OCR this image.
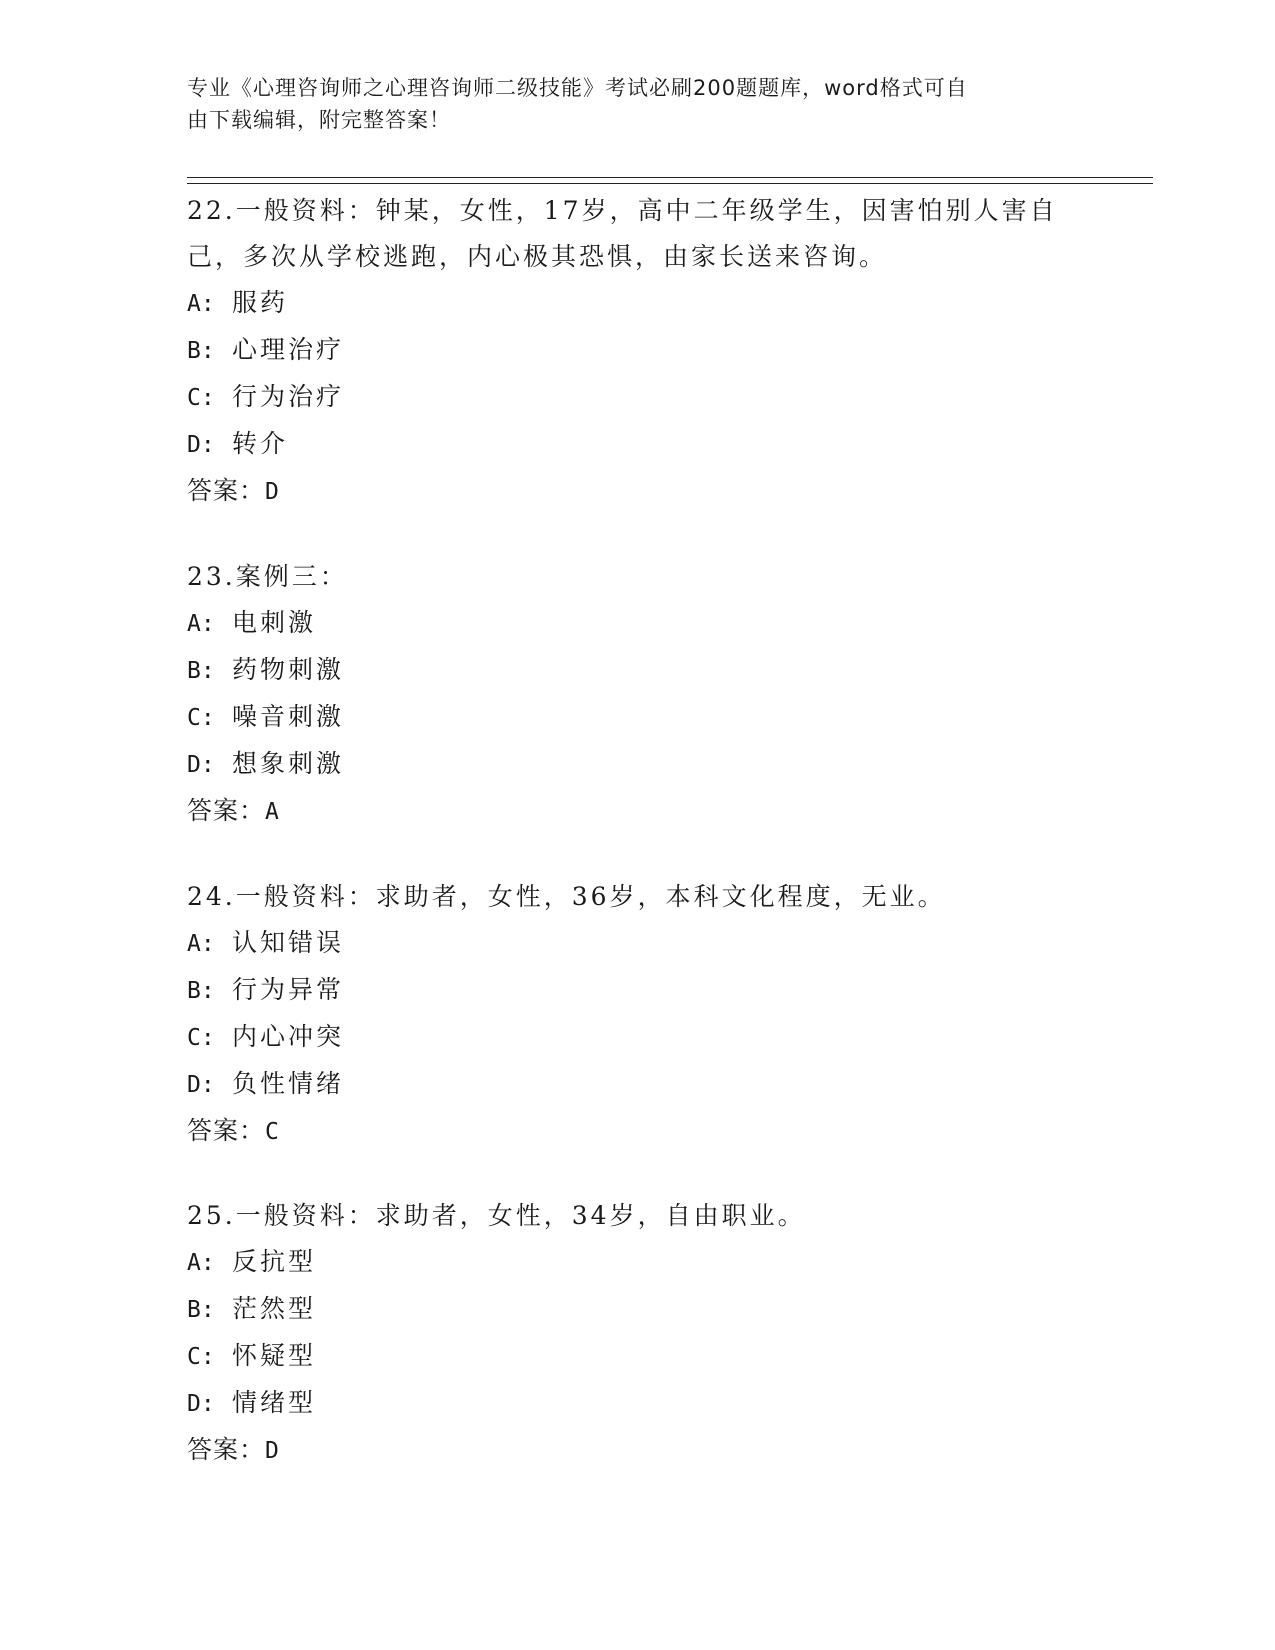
专业《心理咨询师之心理咨询师二级技能》考试必刷200题题库，word格式可自
由下载编辑，附完整答案！

22.一般资料：钟某，女性，17岁，高中二年级学生，因害怕别人害自己，多次从学校逃跑，内心极其恐惧，由家长送来咨询。

A: 服药

B: 心理治疗

C: 行为治疗

D: 转介

答案：D

23.案例三：

A: 电刺激

B: 药物刺激

C: 噪音刺激

D: 想象刺激

答案：A

24.一般资料：求助者，女性，36岁，本科文化程度，无业。

A: 认知错误

B: 行为异常

C: 内心冲突

D: 负性情绪

答案：C

25.一般资料：求助者，女性，34岁，自由职业。

A: 反抗型

B: 茫然型

C: 怀疑型

D: 情绪型

答案：D
